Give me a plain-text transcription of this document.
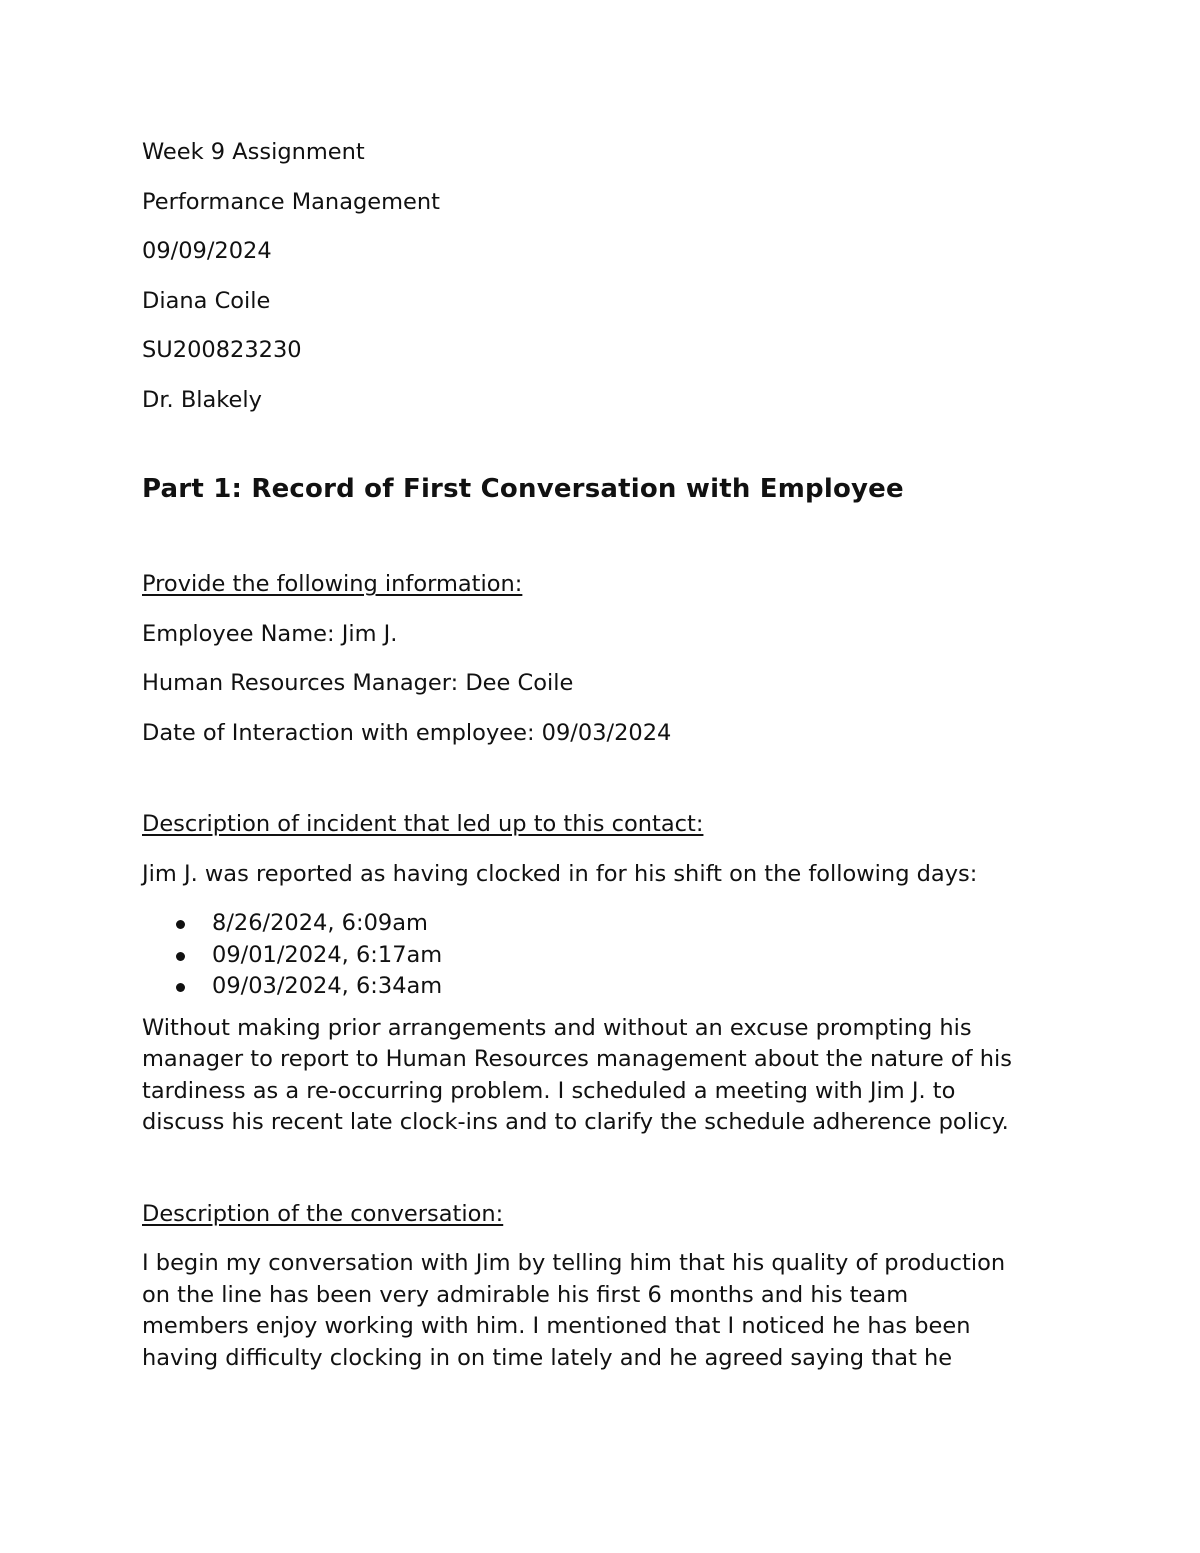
Week 9 Assignment

Performance Management

09/09/2024

Diana Coile

SU200823230

Dr. Blakely

Part 1: Record of First Conversation with Employee

Provide the following information:

Employee Name: Jim J.

Human Resources Manager: Dee Coile

Date of Interaction with employee: 09/03/2024

Description of incident that led up to this contact:

Jim J. was reported as having clocked in for his shift on the following days:

8/26/2024, 6:09am
09/01/2024, 6:17am
09/03/2024, 6:34am
Without making prior arrangements and without an excuse prompting his
manager to report to Human Resources management about the nature of his
tardiness as a re-occurring problem. I scheduled a meeting with Jim J. to
discuss his recent late clock-ins and to clarify the schedule adherence policy.

Description of the conversation:

I begin my conversation with Jim by telling him that his quality of production
on the line has been very admirable his first 6 months and his team
members enjoy working with him. I mentioned that I noticed he has been
having difficulty clocking in on time lately and he agreed saying that he
